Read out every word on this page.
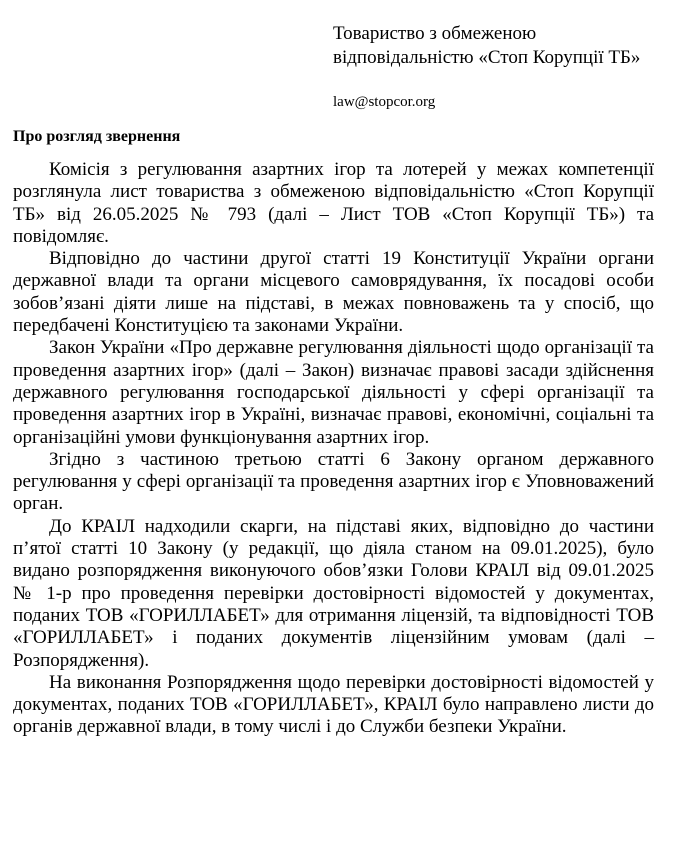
Товариство з обмеженою
відповідальністю «Стоп Корупції ТБ»
law@stopcor.org
Про розгляд звернення

Комісія з регулювання азартних ігор та лотерей у межах компетенції розглянула лист товариства з обмеженою відповідальністю «Стоп Корупції ТБ» від 26.05.2025 № 793 (далі – Лист ТОВ «Стоп Корупції ТБ») та повідомляє.

Відповідно до частини другої статті 19 Конституції України органи державної влади та органи місцевого самоврядування, їх посадові особи зобов’язані діяти лише на підставі, в межах повноважень та у спосіб, що передбачені Конституцією та законами України.

Закон України «Про державне регулювання діяльності щодо організації та проведення азартних ігор» (далі – Закон) визначає правові засади здійснення державного регулювання господарської діяльності у сфері організації та проведення азартних ігор в Україні, визначає правові, економічні, соціальні та організаційні умови функціонування азартних ігор.

Згідно з частиною третьою статті 6 Закону органом державного регулювання у сфері організації та проведення азартних ігор є Уповноважений орган.

До КРАІЛ надходили скарги, на підставі яких, відповідно до частини п’ятої статті 10 Закону (у редакції, що діяла станом на 09.01.2025), було видано розпорядження виконуючого обов’язки Голови КРАІЛ від 09.01.2025 № 1-р про проведення перевірки достовірності відомостей у документах, поданих ТОВ «ГОРИЛЛАБЕТ» для отримання ліцензій, та відповідності ТОВ «ГОРИЛЛАБЕТ» і поданих документів ліцензійним умовам (далі – Розпорядження).

На виконання Розпорядження щодо перевірки достовірності відомостей у документах, поданих ТОВ «ГОРИЛЛАБЕТ», КРАІЛ було направлено листи до органів державної влади, в тому числі і до Служби безпеки України.
